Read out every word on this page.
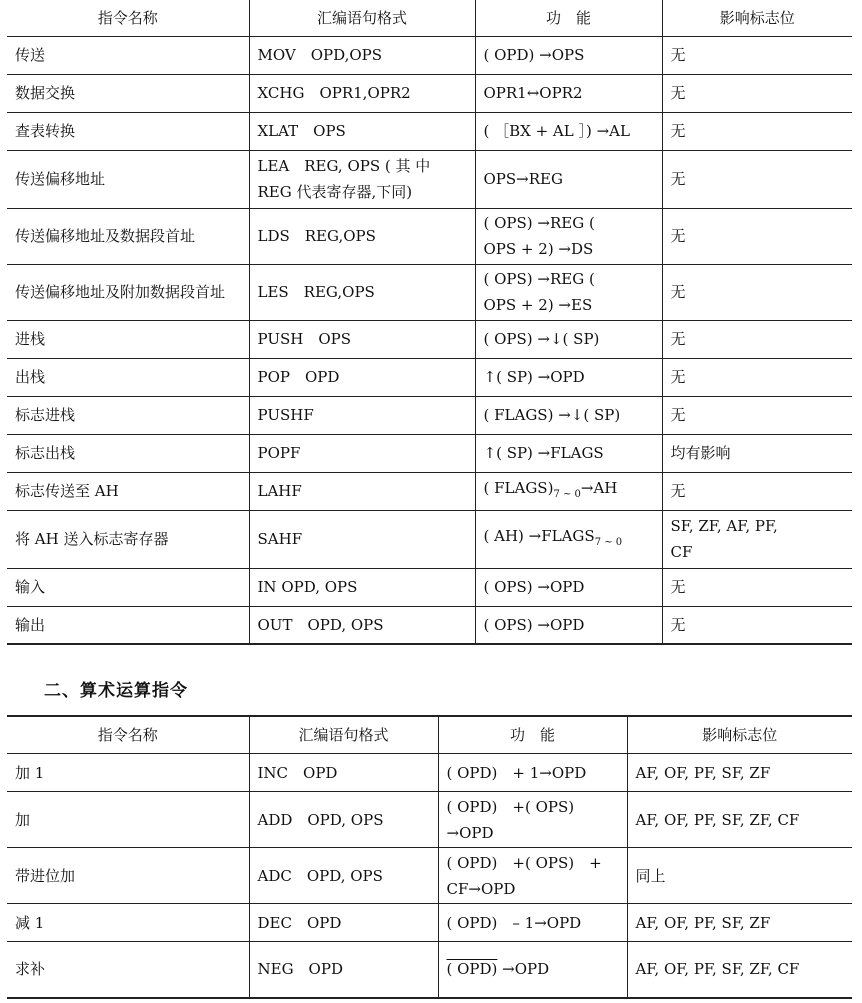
指令名称	汇编语句格式	功　能	影响标志位
传送	MOV　OPD,OPS	( OPD) →OPS	无
数据交换	XCHG　OPR1,OPR2	OPR1↔OPR2	无
查表转换	XLAT　OPS	( ［BX + AL ］) →AL	无
传送偏移地址	LEA　REG, OPS ( 其 中 REG 代表寄存器,下同)	OPS→REG	无
传送偏移地址及数据段首址	LDS　REG,OPS	( OPS) →REG ( OPS + 2) →DS	无
传送偏移地址及附加数据段首址	LES　REG,OPS	( OPS) →REG ( OPS + 2) →ES	无
进栈	PUSH　OPS	( OPS) →↓( SP)	无
出栈	POP　OPD	↑( SP) →OPD	无
标志进栈	PUSHF	( FLAGS) →↓( SP)	无
标志出栈	POPF	↑( SP) →FLAGS	均有影响
标志传送至 AH	LAHF	( $FLAGS)_{7 \sim 0}\to AH$	无
将 AH 送入标志寄存器	SAHF	( $AH) \to FLAGS_{7 \sim 0}$	SF, ZF, AF, PF, CF
输入	IN OPD, OPS	( OPS) →OPD	无
输出	OUT　OPD, OPS	( OPS) →OPD	无
二、算术运算指令
指令名称	汇编语句格式	功　能	影响标志位
加 1	INC　OPD	( OPD)　+ 1→OPD	AF, OF, PF, SF, ZF
加	ADD　OPD, OPS	( OPD)　+( OPS) →OPD	AF, OF, PF, SF, ZF, CF
带进位加	ADC　OPD, OPS	( OPD)　+( OPS)　+ CF→OPD	同上
减 1	DEC　OPD	( OPD)　– 1→OPD	AF, OF, PF, SF, ZF
求补	NEG　OPD	( OPD) →OPD	AF, OF, PF, SF, ZF, CF
